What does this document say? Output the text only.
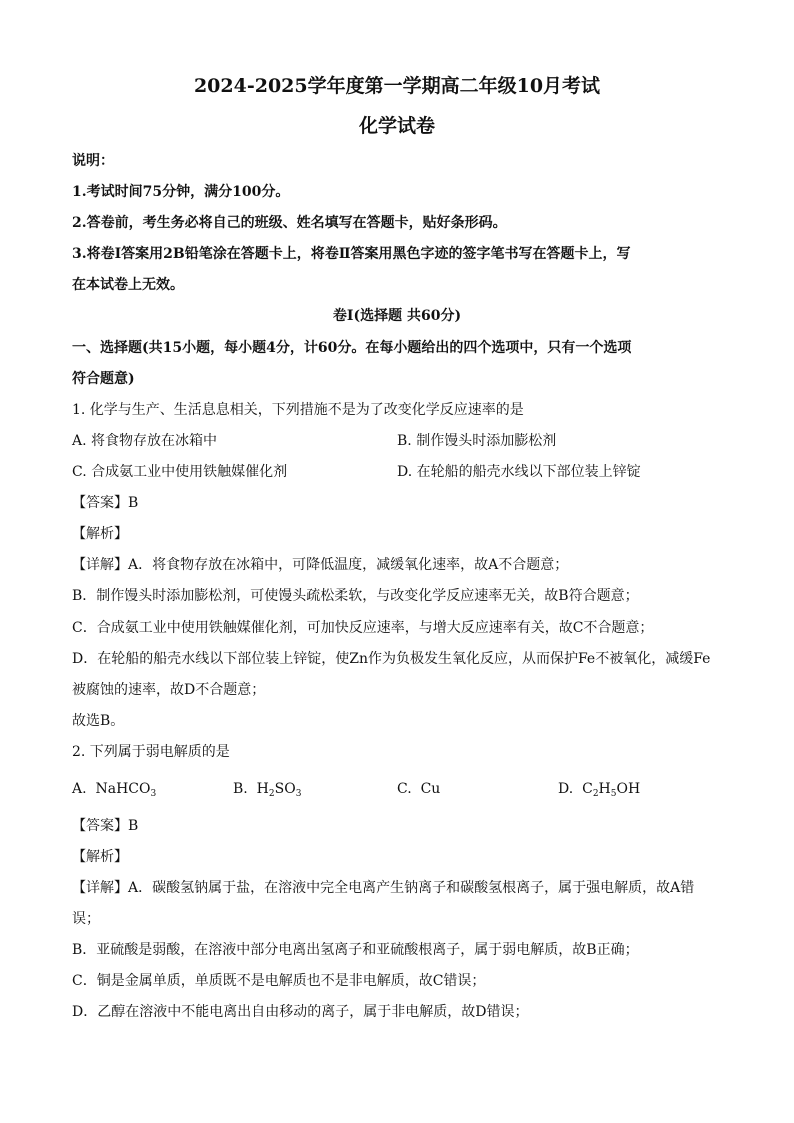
2024-2025学年度第一学期高二年级10月考试
化学试卷
说明：
1.考试时间75分钟，满分100分。
2.答卷前，考生务必将自己的班级、姓名填写在答题卡，贴好条形码。
3.将卷Ⅰ答案用2B铅笔涂在答题卡上，将卷Ⅱ答案用黑色字迹的签字笔书写在答题卡上，写
在本试卷上无效。
卷Ⅰ(选择题 共60分)
一、选择题(共15小题，每小题4分，计60分。在每小题给出的四个选项中，只有一个选项
符合题意)
1. 化学与生产、生活息息相关，下列措施不是为了改变化学反应速率的是
A. 将食物存放在冰箱中	B. 制作馒头时添加膨松剂
C. 合成氨工业中使用铁触媒催化剂	D. 在轮船的船壳水线以下部位装上锌锭
【答案】B
【解析】
【详解】A．将食物存放在冰箱中，可降低温度，减缓氧化速率，故A不合题意；
B．制作馒头时添加膨松剂，可使馒头疏松柔软，与改变化学反应速率无关，故B符合题意；
C．合成氨工业中使用铁触媒催化剂，可加快反应速率，与增大反应速率有关，故C不合题意；
D．在轮船的船壳水线以下部位装上锌锭，使Zn作为负极发生氧化反应，从而保护Fe不被氧化，减缓Fe
被腐蚀的速率，故D不合题意；
故选B。
2. 下列属于弱电解质的是
A. NaHCO$_3$	B. $H_2SO_3$	C. Cu	D. $C_2H_5OH$
【答案】B
【解析】
【详解】A．碳酸氢钠属于盐，在溶液中完全电离产生钠离子和碳酸氢根离子，属于强电解质，故A错
误；
B．亚硫酸是弱酸，在溶液中部分电离出氢离子和亚硫酸根离子，属于弱电解质，故B正确；
C．铜是金属单质，单质既不是电解质也不是非电解质，故C错误；
D．乙醇在溶液中不能电离出自由移动的离子，属于非电解质，故D错误；
